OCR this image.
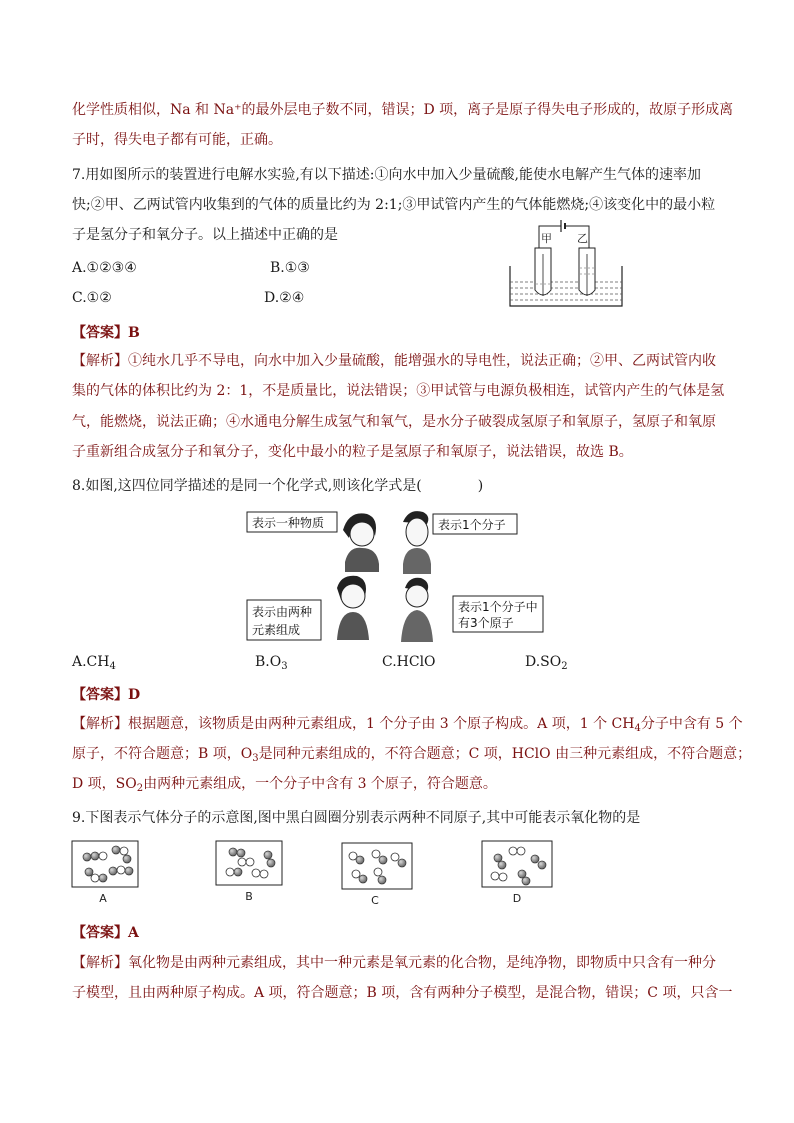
化学性质相似，Na 和 Na⁺的最外层电子数不同，错误；D 项，离子是原子得失电子形成的，故原子形成离
子时，得失电子都有可能，正确。
7.用如图所示的装置进行电解水实验,有以下描述:①向水中加入少量硫酸,能使水电解产生气体的速率加
快;②甲、乙两试管内收集到的气体的质量比约为 2:1;③甲试管内产生的气体能燃烧;④该变化中的最小粒
子是氢分子和氧分子。以上描述中正确的是
A.①②③④	B.①③
C.①②	D.②④
甲 乙
【答案】B
【解析】①纯水几乎不导电，向水中加入少量硫酸，能增强水的导电性，说法正确；②甲、乙两试管内收
集的气体的体积比约为 2：1，不是质量比，说法错误；③甲试管与电源负极相连，试管内产生的气体是氢
气，能燃烧，说法正确；④水通电分解生成氢气和氧气，是水分子破裂成氢原子和氧原子，氢原子和氧原
子重新组合成氢分子和氧分子，变化中最小的粒子是氢原子和氧原子，说法错误，故选 B。
8.如图,这四位同学描述的是同一个化学式,则该化学式是(　　　　)
表示一种物质	表示1个分子
表示由两种
元素组成
表示1个分子中
有3个原子
$A.CH_4$	$B.O_3$	C.HClO	$D.SO_2$
【答案】D
【解析】根据题意，该物质是由两种元素组成，1 个分子由 3 个原子构成。A 项，1 个 $CH_4$分子中含有 5 个
原子，不符合题意；B 项，$O_3$是同种元素组成的，不符合题意；C 项，HClO 由三种元素组成，不符合题意；
D 项，$SO_2$由两种元素组成，一个分子中含有 3 个原子，符合题意。
9.下图表示气体分子的示意图,图中黑白圆圈分别表示两种不同原子,其中可能表示氧化物的是
A	B	C	D
【答案】A
【解析】氧化物是由两种元素组成，其中一种元素是氧元素的化合物，是纯净物，即物质中只含有一种分
子模型，且由两种原子构成。A 项，符合题意；B 项，含有两种分子模型，是混合物，错误；C 项，只含一
